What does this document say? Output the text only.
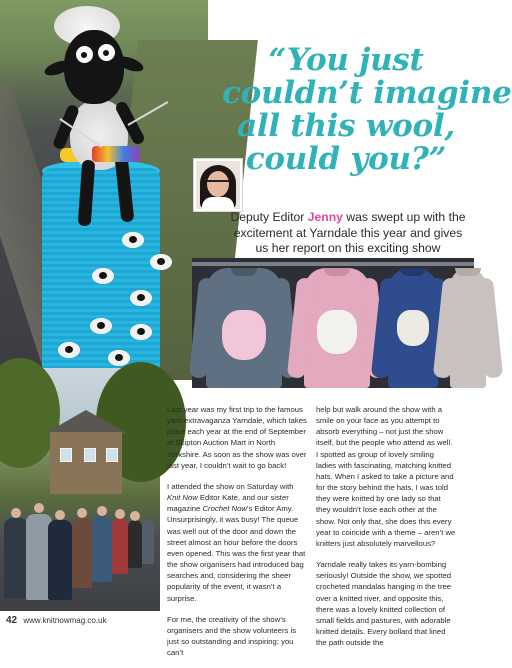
“You just
couldn’t imagine
all this wool,
could you?”
Deputy Editor Jenny was swept up with the excitement at Yarndale this year and gives us her report on this exciting show

Last year was my first trip to the famous yarn extravaganza Yarndale, which takes place each year at the end of September at Skipton Auction Mart in North Yorkshire. As soon as the show was over last year, I couldn’t wait to go back!

I attended the show on Saturday with Knit Now Editor Kate, and our sister magazine Crochet Now’s Editor Amy. Unsurprisingly, it was busy! The queue was well out of the door and down the street almost an hour before the doors even opened. This was the first year that the show organisers had introduced bag searches and, considering the sheer popularity of the event, it wasn’t a surprise.

For me, the creativity of the show’s organisers and the show volunteers is just so outstanding and inspiring; you can’t

help but walk around the show with a smile on your face as you attempt to absorb everything – not just the show itself, but the people who attend as well. I spotted as group of lovely smiling ladies with fascinating, matching knitted hats. When I asked to take a picture and for the story behind the hats, I was told they were knitted by one lady so that they wouldn’t lose each other at the show. Not only that, she does this every year to coincide with a theme – aren’t we knitters just absolutely marvellous?

Yarndale really takes its yarn-bombing seriously! Outside the show, we spotted crocheted mandalas hanging in the tree over a knitted river, and opposite this, there was a lovely knitted collection of small fields and pastures, with adorable knitted details. Every bollard that lined the path outside the

42 www.knitnowmag.co.uk
